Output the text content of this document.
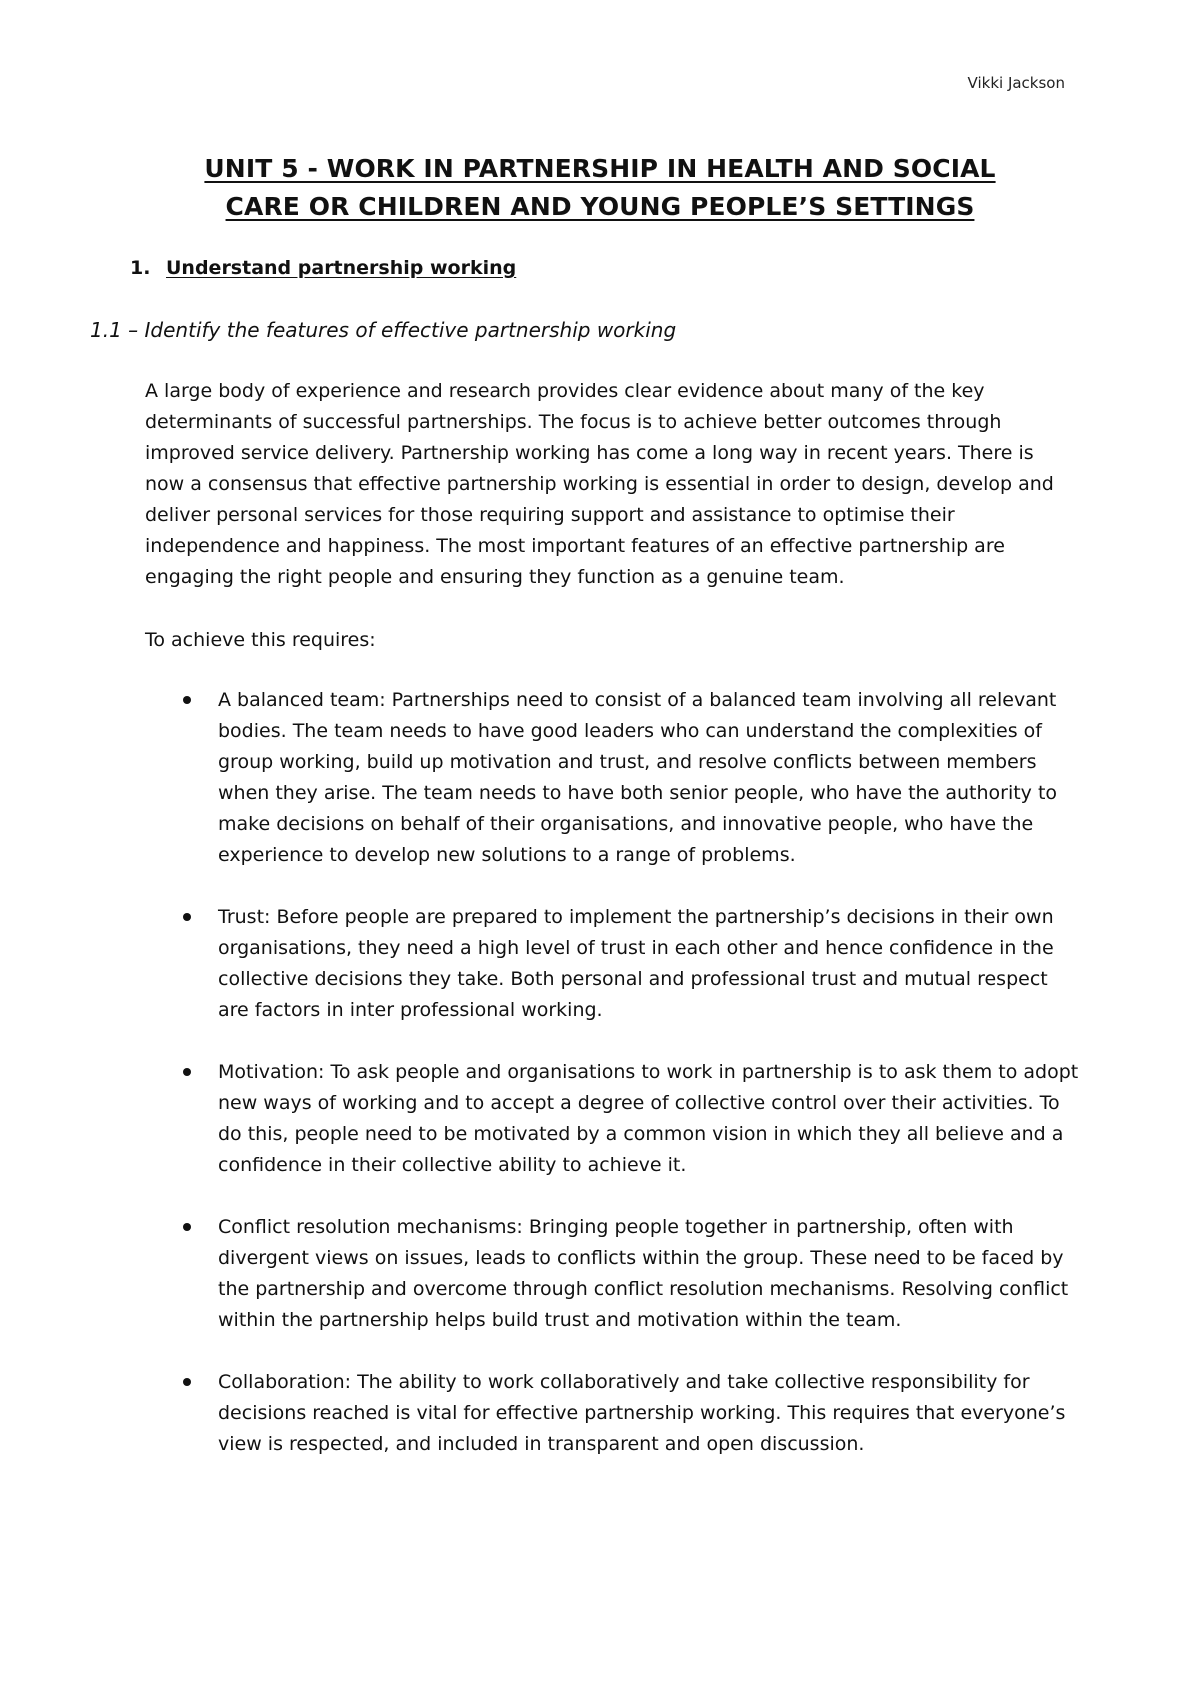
Vikki Jackson
UNIT 5 - WORK IN PARTNERSHIP IN HEALTH AND SOCIAL
CARE OR CHILDREN AND YOUNG PEOPLE’S SETTINGS
1. Understand partnership working
1.1 – Identify the features of effective partnership working
A large body of experience and research provides clear evidence about many of the key determinants of successful partnerships. The focus is to achieve better outcomes through improved service delivery. Partnership working has come a long way in recent years. There is now a consensus that effective partnership working is essential in order to design, develop and deliver personal services for those requiring support and assistance to optimise their independence and happiness. The most important features of an effective partnership are engaging the right people and ensuring they function as a genuine team.
To achieve this requires:
A balanced team: Partnerships need to consist of a balanced team involving all relevant bodies. The team needs to have good leaders who can understand the complexities of group working, build up motivation and trust, and resolve conflicts between members when they arise. The team needs to have both senior people, who have the authority to make decisions on behalf of their organisations, and innovative people, who have the experience to develop new solutions to a range of problems.
Trust: Before people are prepared to implement the partnership’s decisions in their own organisations, they need a high level of trust in each other and hence confidence in the collective decisions they take. Both personal and professional trust and mutual respect are factors in inter professional working.
Motivation: To ask people and organisations to work in partnership is to ask them to adopt new ways of working and to accept a degree of collective control over their activities. To do this, people need to be motivated by a common vision in which they all believe and a confidence in their collective ability to achieve it.
Conflict resolution mechanisms: Bringing people together in partnership, often with divergent views on issues, leads to conflicts within the group. These need to be faced by the partnership and overcome through conflict resolution mechanisms. Resolving conflict within the partnership helps build trust and motivation within the team.
Collaboration: The ability to work collaboratively and take collective responsibility for decisions reached is vital for effective partnership working. This requires that everyone’s view is respected, and included in transparent and open discussion.
